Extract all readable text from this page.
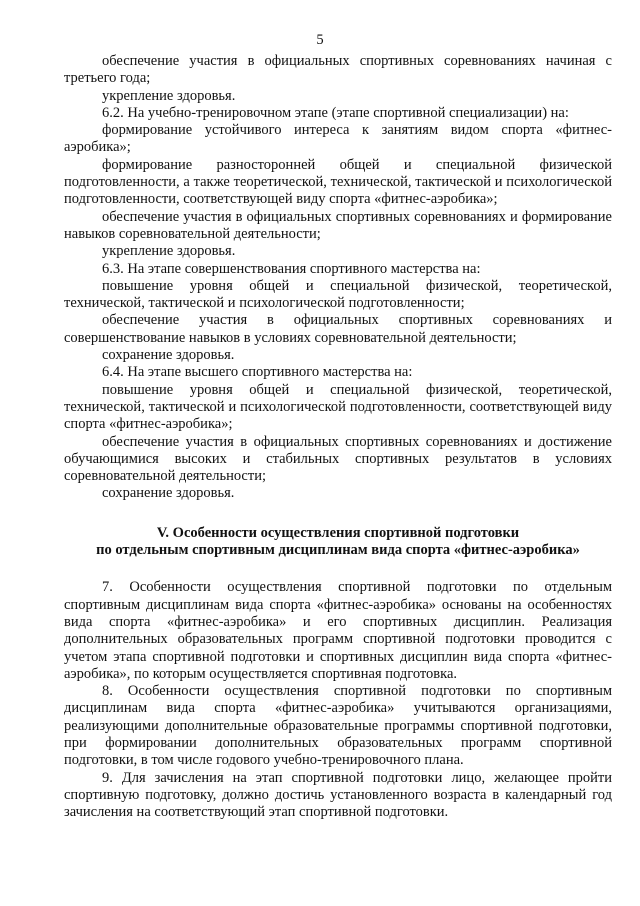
5

обеспечение участия в официальных спортивных соревнованиях начиная с третьего года;

укрепление здоровья.

6.2. На учебно-тренировочном этапе (этапе спортивной специализации) на:

формирование устойчивого интереса к занятиям видом спорта «фитнес-аэробика»;

формирование разносторонней общей и специальной физической подготовленности, а также теоретической, технической, тактической и психологической подготовленности, соответствующей виду спорта «фитнес-аэробика»;

обеспечение участия в официальных спортивных соревнованиях и формирование навыков соревновательной деятельности;

укрепление здоровья.

6.3. На этапе совершенствования спортивного мастерства на:

повышение уровня общей и специальной физической, теоретической, технической, тактической и психологической подготовленности;

обеспечение участия в официальных спортивных соревнованиях и совершенствование навыков в условиях соревновательной деятельности;

сохранение здоровья.

6.4. На этапе высшего спортивного мастерства на:

повышение уровня общей и специальной физической, теоретической, технической, тактической и психологической подготовленности, соответствующей виду спорта «фитнес-аэробика»;

обеспечение участия в официальных спортивных соревнованиях и достижение обучающимися высоких и стабильных спортивных результатов в условиях соревновательной деятельности;

сохранение здоровья.

V. Особенности осуществления спортивной подготовки
по отдельным спортивным дисциплинам вида спорта «фитнес-аэробика»

7. Особенности осуществления спортивной подготовки по отдельным спортивным дисциплинам вида спорта «фитнес-аэробика» основаны на особенностях вида спорта «фитнес-аэробика» и его спортивных дисциплин. Реализация дополнительных образовательных программ спортивной подготовки проводится с учетом этапа спортивной подготовки и спортивных дисциплин вида спорта «фитнес-аэробика», по которым осуществляется спортивная подготовка.

8. Особенности осуществления спортивной подготовки по спортивным дисциплинам вида спорта «фитнес-аэробика» учитываются организациями, реализующими дополнительные образовательные программы спортивной подготовки, при формировании дополнительных образовательных программ спортивной подготовки, в том числе годового учебно-тренировочного плана.

9. Для зачисления на этап спортивной подготовки лицо, желающее пройти спортивную подготовку, должно достичь установленного возраста в календарный год зачисления на соответствующий этап спортивной подготовки.
